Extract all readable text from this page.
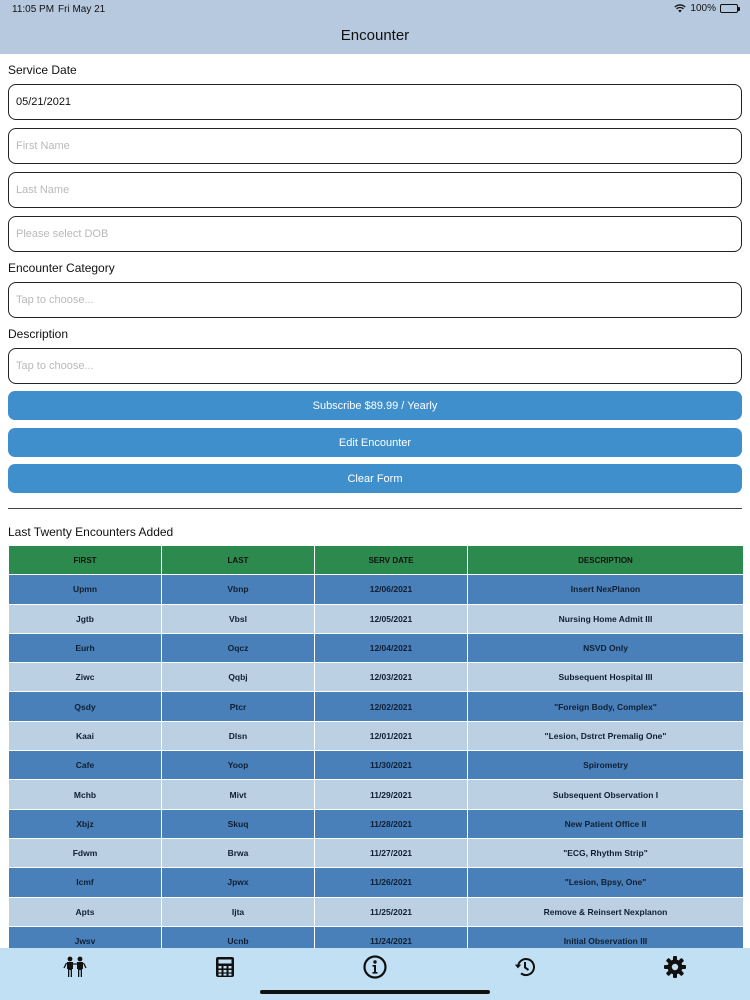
11:05 PM Fri May 21	100%
Encounter
Service Date
05/21/2021
First Name
Last Name
Please select DOB
Encounter Category
Tap to choose...
Description
Tap to choose...
Subscribe $89.99 / Yearly
Edit Encounter
Clear Form
Last Twenty Encounters Added
FIRST	LAST	SERV DATE	DESCRIPTION
Upmn	Vbnp	12/06/2021	Insert NexPlanon
Jgtb	Vbsl	12/05/2021	Nursing Home Admit III
Eurh	Oqcz	12/04/2021	NSVD Only
Ziwc	Qqbj	12/03/2021	Subsequent Hospital III
Qsdy	Ptcr	12/02/2021	"Foreign Body, Complex"
Kaai	Dlsn	12/01/2021	"Lesion, Dstrct Premalig One"
Cafe	Yoop	11/30/2021	Spirometry
Mchb	Mivt	11/29/2021	Subsequent Observation I
Xbjz	Skuq	11/28/2021	New Patient Office II
Fdwm	Brwa	11/27/2021	"ECG, Rhythm Strip"
Icmf	Jpwx	11/26/2021	"Lesion, Bpsy, One"
Apts	Ijta	11/25/2021	Remove & Reinsert Nexplanon
Jwsv	Ucnb	11/24/2021	Initial Observation III
